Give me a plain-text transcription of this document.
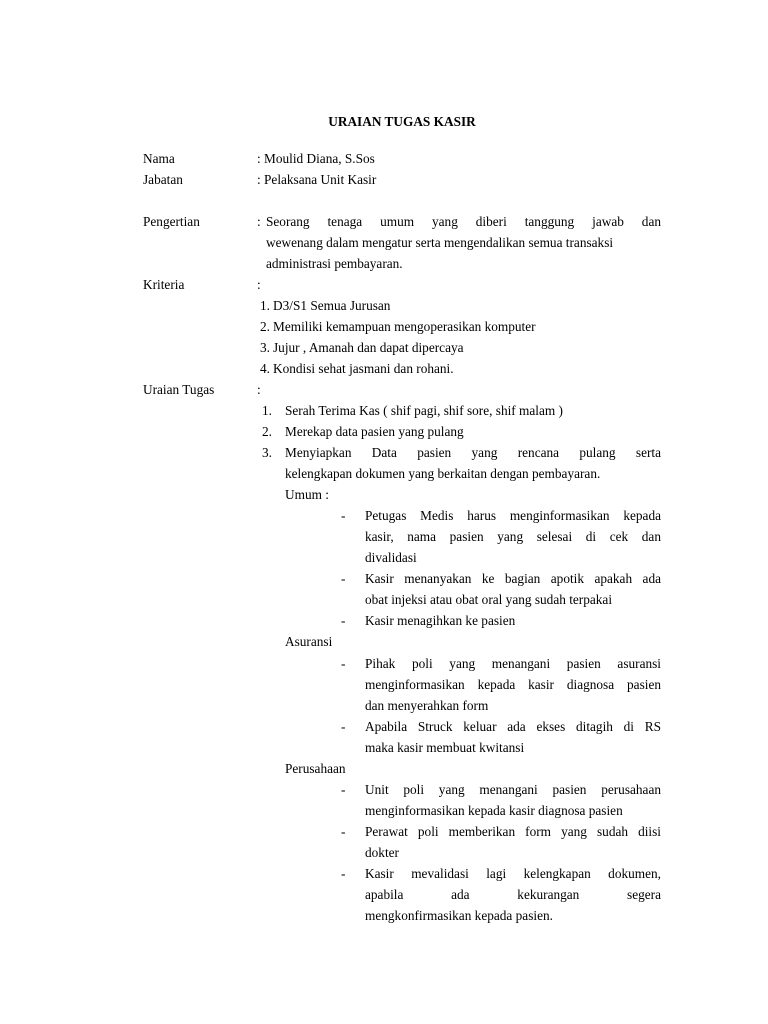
URAIAN TUGAS KASIR
Nama	: Moulid Diana, S.Sos
Jabatan	: Pelaksana Unit Kasir
Pengertian	: Seorang tenaga umum yang diberi tanggung jawab dan
wewenang dalam mengatur serta mengendalikan semua transaksi
administrasi pembayaran.
Kriteria	:
1. D3/S1 Semua Jurusan
2. Memiliki kemampuan mengoperasikan komputer
3. Jujur , Amanah dan dapat dipercaya
4. Kondisi sehat jasmani dan rohani.
Uraian Tugas	:
1. Serah Terima Kas ( shif pagi, shif sore, shif malam )
2. Merekap data pasien yang pulang
3. Menyiapkan Data pasien yang rencana pulang serta
kelengkapan dokumen yang berkaitan dengan pembayaran.
Umum :
- Petugas Medis harus menginformasikan kepada
kasir, nama pasien yang selesai di cek dan
divalidasi
- Kasir menanyakan ke bagian apotik apakah ada
obat injeksi atau obat oral yang sudah terpakai
- Kasir menagihkan ke pasien
Asuransi
- Pihak poli yang menangani pasien asuransi
menginformasikan kepada kasir diagnosa pasien
dan menyerahkan form
- Apabila Struck keluar ada ekses ditagih di RS
maka kasir membuat kwitansi
Perusahaan
- Unit poli yang menangani pasien perusahaan
menginformasikan kepada kasir diagnosa pasien
- Perawat poli memberikan form yang sudah diisi
dokter
- Kasir mevalidasi lagi kelengkapan dokumen,
apabila ada kekurangan segera
mengkonfirmasikan kepada pasien.
